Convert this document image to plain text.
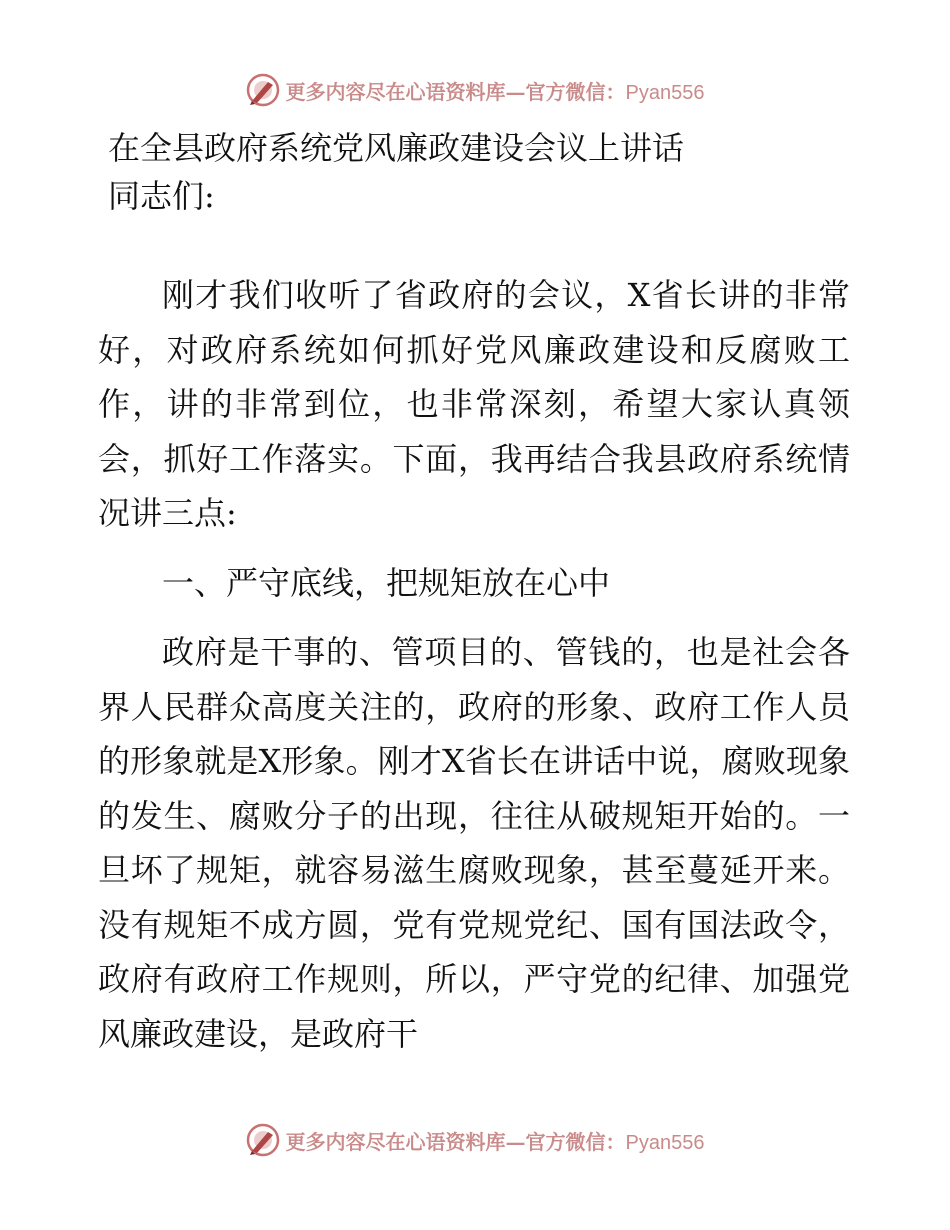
更多内容尽在心语资料库—官方微信：Pyan556
在全县政府系统党风廉政建设会议上讲话
同志们:

刚才我们收听了省政府的会议，X省长讲的非常好，对政府系统如何抓好党风廉政建设和反腐败工作，讲的非常到位，也非常深刻，希望大家认真领会，抓好工作落实。下面，我再结合我县政府系统情况讲三点:

一、严守底线，把规矩放在心中

政府是干事的、管项目的、管钱的，也是社会各界人民群众高度关注的，政府的形象、政府工作人员的形象就是X形象。刚才X省长在讲话中说，腐败现象的发生、腐败分子的出现，往往从破规矩开始的。一旦坏了规矩，就容易滋生腐败现象，甚至蔓延开来。没有规矩不成方圆，党有党规党纪、国有国法政令，政府有政府工作规则，所以，严守党的纪律、加强党风廉政建设，是政府干

更多内容尽在心语资料库—官方微信：Pyan556
